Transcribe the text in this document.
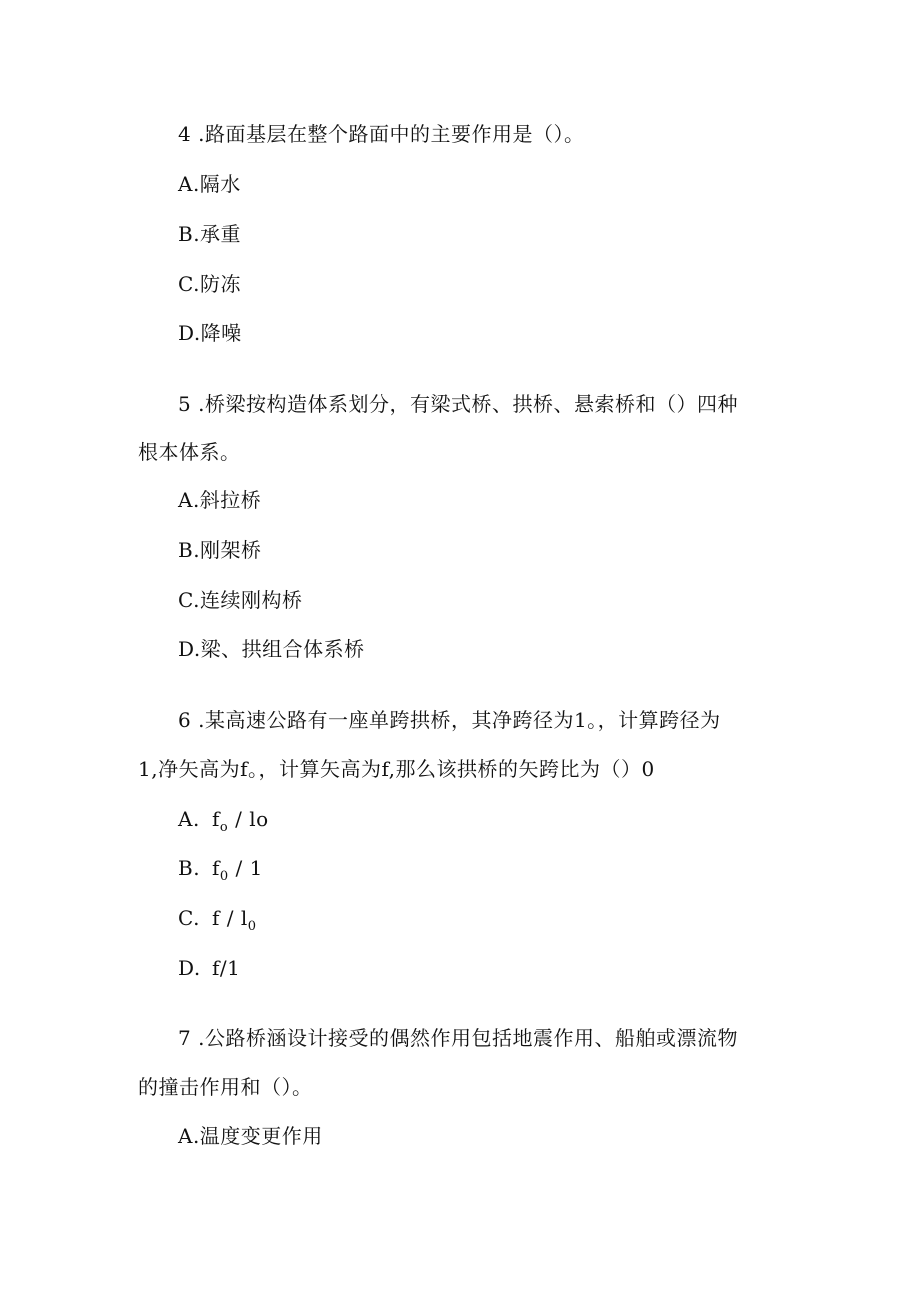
4 .路面基层在整个路面中的主要作用是（）。
A.隔水
B.承重
C.防冻
D.降噪
5 .桥梁按构造体系划分，有梁式桥、拱桥、悬索桥和（）四种
根本体系。
A.斜拉桥
B.刚架桥
C.连续刚构桥
D.梁、拱组合体系桥
6 .某高速公路有一座单跨拱桥，其净跨径为1。，计算跨径为
1,净矢高为f。，计算矢高为f,那么该拱桥的矢跨比为（）0
A. $f_o$ / lo
B. $f_0 / 1$
C. f / $l_0$
D. f/1
7 .公路桥涵设计接受的偶然作用包括地震作用、船舶或漂流物
的撞击作用和（）。
A.温度变更作用
